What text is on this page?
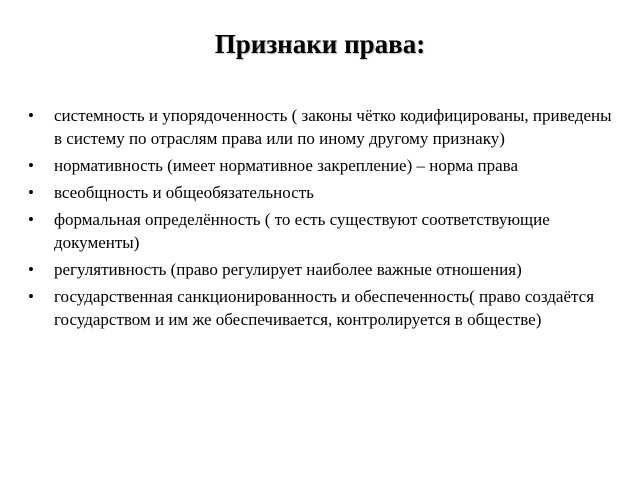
Признаки права:
• системность и упорядоченность ( законы чётко кодифицированы, приведены в систему по отраслям права или по иному другому признаку)
• нормативность (имеет нормативное закрепление) – норма права
• всеобщность и общеобязательность
• формальная определённость ( то есть существуют соответствующие документы)
• регулятивность (право регулирует наиболее важные отношения)
• государственная санкционированность и обеспеченность( право создаётся государством и им же обеспечивается, контролируется в обществе)
